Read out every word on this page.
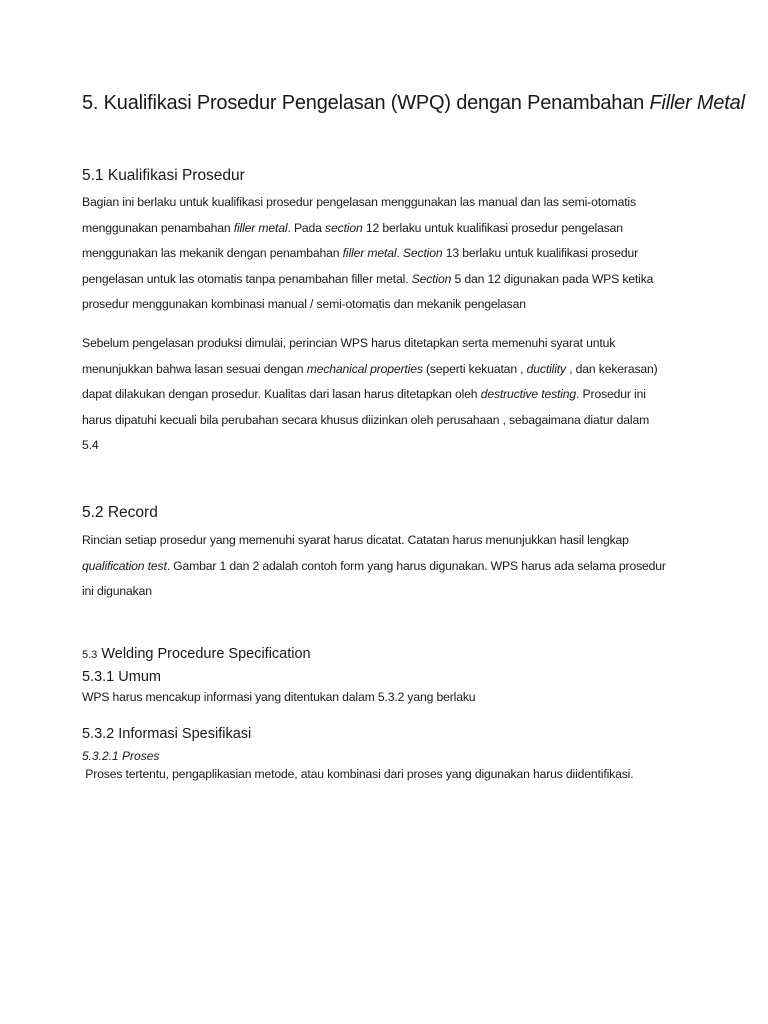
5. Kualifikasi Prosedur Pengelasan (WPQ) dengan Penambahan Filler Metal
5.1 Kualifikasi Prosedur

Bagian ini berlaku untuk kualifikasi prosedur pengelasan menggunakan las manual dan las semi-otomatis
menggunakan penambahan filler metal. Pada section 12 berlaku untuk kualifikasi prosedur pengelasan
menggunakan las mekanik dengan penambahan filler metal. Section 13 berlaku untuk kualifikasi prosedur
pengelasan untuk las otomatis tanpa penambahan filler metal. Section 5 dan 12 digunakan pada WPS ketika
prosedur menggunakan kombinasi manual / semi-otomatis dan mekanik pengelasan

Sebelum pengelasan produksi dimulai, perincian WPS harus ditetapkan serta memenuhi syarat untuk
menunjukkan bahwa lasan sesuai dengan mechanical properties (seperti kekuatan , ductility , dan kekerasan)
dapat dilakukan dengan prosedur. Kualitas dari lasan harus ditetapkan oleh destructive testing. Prosedur ini
harus dipatuhi kecuali bila perubahan secara khusus diizinkan oleh perusahaan , sebagaimana diatur dalam
5.4

5.2 Record

Rincian setiap prosedur yang memenuhi syarat harus dicatat. Catatan harus menunjukkan hasil lengkap
qualification test. Gambar 1 dan 2 adalah contoh form yang harus digunakan. WPS harus ada selama prosedur
ini digunakan

5.3 Welding Procedure Specification
5.3.1 Umum

WPS harus mencakup informasi yang ditentukan dalam 5.3.2 yang berlaku

5.3.2 Informasi Spesifikasi

5.3.2.1 Proses

Proses tertentu, pengaplikasian metode, atau kombinasi dari proses yang digunakan harus diidentifikasi.
